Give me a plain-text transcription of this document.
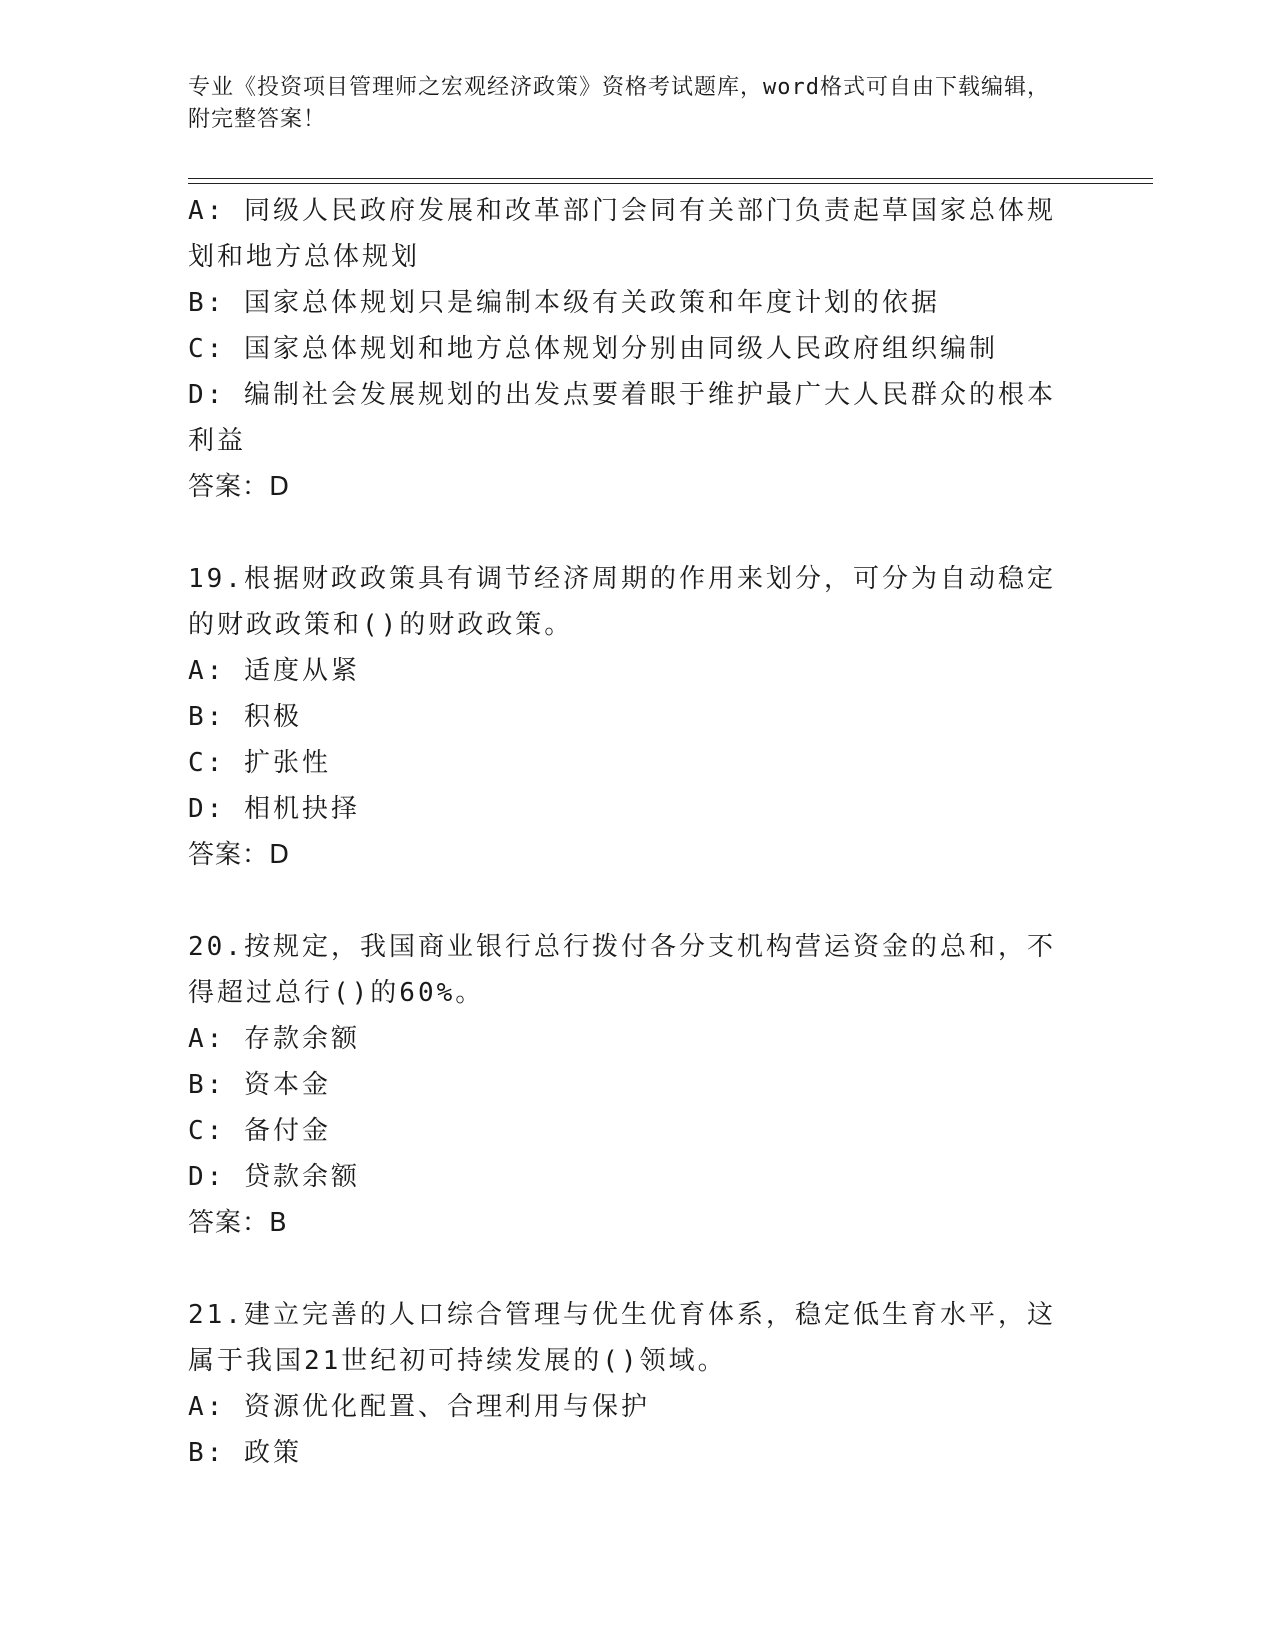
专业《投资项目管理师之宏观经济政策》资格考试题库，word格式可自由下载编辑，附完整答案！

A: 同级人民政府发展和改革部门会同有关部门负责起草国家总体规划和地方总体规划

B: 国家总体规划只是编制本级有关政策和年度计划的依据

C: 国家总体规划和地方总体规划分别由同级人民政府组织编制

D: 编制社会发展规划的出发点要着眼于维护最广大人民群众的根本利益

答案：D

19.根据财政政策具有调节经济周期的作用来划分，可分为自动稳定的财政政策和()的财政政策。

A: 适度从紧

B: 积极

C: 扩张性

D: 相机抉择

答案：D

20.按规定，我国商业银行总行拨付各分支机构营运资金的总和，不得超过总行()的60%。

A: 存款余额

B: 资本金

C: 备付金

D: 贷款余额

答案：B

21.建立完善的人口综合管理与优生优育体系，稳定低生育水平，这属于我国21世纪初可持续发展的()领域。

A: 资源优化配置、合理利用与保护

B: 政策
